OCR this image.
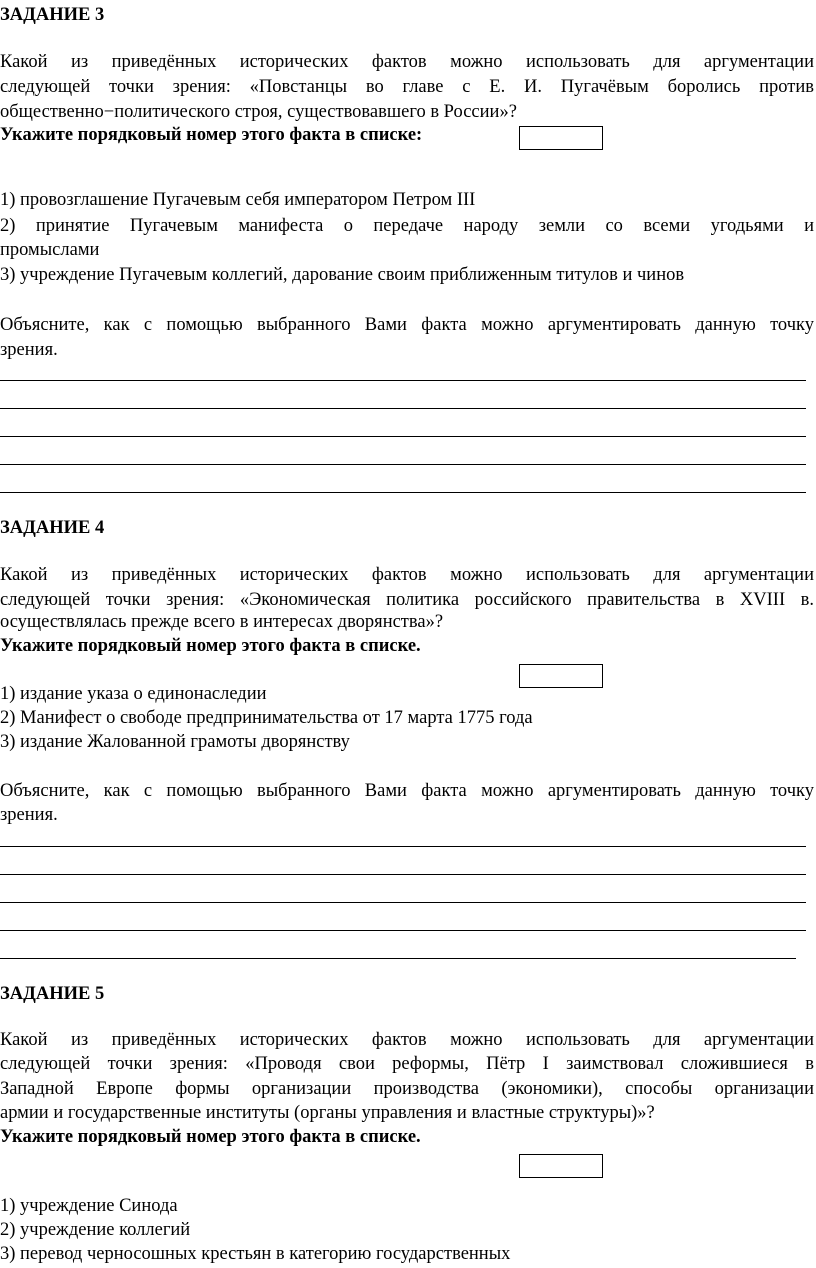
ЗАДАНИЕ 3
Какой из приведённых исторических фактов можно использовать для аргументации
следующей точки зрения: «Повстанцы во главе с Е. И. Пугачёвым боролись против
общественно−политического строя, существовавшего в России»?
Укажите порядковый номер этого факта в списке:
1) провозглашение Пугачевым себя императором Петром III
2) принятие Пугачевым манифеста о передаче народу земли со всеми угодьями и
промыслами
3) учреждение Пугачевым коллегий, дарование своим приближенным титулов и чинов
Объясните, как с помощью выбранного Вами факта можно аргументировать данную точку
зрения.
ЗАДАНИЕ 4
Какой из приведённых исторических фактов можно использовать для аргументации
следующей точки зрения: «Экономическая политика российского правительства в XVIII в.
осуществлялась прежде всего в интересах дворянства»?
Укажите порядковый номер этого факта в списке.
1) издание указа о единонаследии
2) Манифест о свободе предпринимательства от 17 марта 1775 года
3) издание Жалованной грамоты дворянству
Объясните, как с помощью выбранного Вами факта можно аргументировать данную точку
зрения.
ЗАДАНИЕ 5
Какой из приведённых исторических фактов можно использовать для аргументации
следующей точки зрения: «Проводя свои реформы, Пётр I заимствовал сложившиеся в
Западной Европе формы организации производства (экономики), способы организации
армии и государственные институты (органы управления и властные структуры)»?
Укажите порядковый номер этого факта в списке.
1) учреждение Синода
2) учреждение коллегий
3) перевод черносошных крестьян в категорию государственных
